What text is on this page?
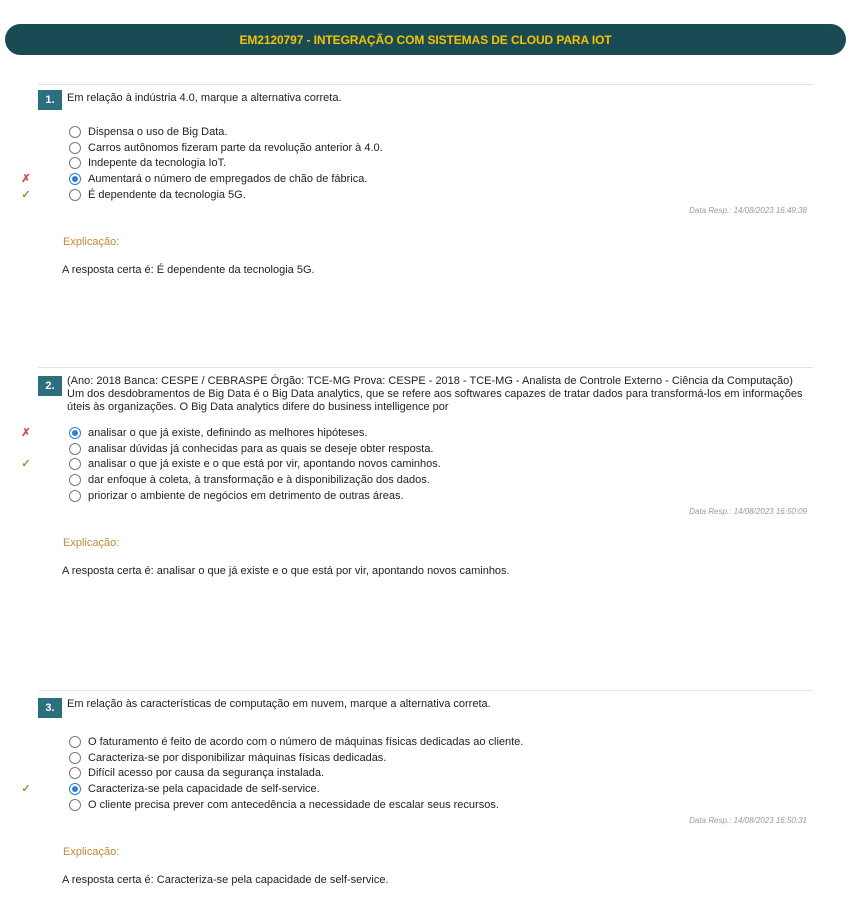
EM2120797 - INTEGRAÇÃO COM SISTEMAS DE CLOUD PARA IOT
1.	Em relação à indústria 4.0, marque a alternativa correta.
Dispensa o uso de Big Data.
Carros autônomos fizeram parte da revolução anterior à 4.0.
Indepente da tecnologia IoT.
✗	Aumentará o número de empregados de chão de fábrica.
✓	É dependente da tecnologia 5G.
Data Resp.: 14/08/2023 16:49:38
Explicação:
A resposta certa é: É dependente da tecnologia 5G.
2.	(Ano: 2018 Banca: CESPE / CEBRASPE Órgão: TCE-MG Prova: CESPE - 2018 - TCE-MG - Analista de Controle Externo - Ciência da Computação) Um dos desdobramentos de Big Data é o Big Data analytics, que se refere aos softwares capazes de tratar dados para transformá-los em informações úteis às organizações. O Big Data analytics difere do business intelligence por
✗	analisar o que já existe, definindo as melhores hipóteses.
analisar dúvidas já conhecidas para as quais se deseje obter resposta.
✓	analisar o que já existe e o que está por vir, apontando novos caminhos.
dar enfoque à coleta, à transformação e à disponibilização dos dados.
priorizar o ambiente de negócios em detrimento de outras áreas.
Data Resp.: 14/08/2023 16:50:09
Explicação:
A resposta certa é: analisar o que já existe e o que está por vir, apontando novos caminhos.
3.	Em relação às características de computação em nuvem, marque a alternativa correta.
O faturamento é feito de acordo com o número de máquinas físicas dedicadas ao cliente.
Caracteriza-se por disponibilizar máquinas físicas dedicadas.
Difícil acesso por causa da segurança instalada.
✓	Caracteriza-se pela capacidade de self-service.
O cliente precisa prever com antecedência a necessidade de escalar seus recursos.
Data Resp.: 14/08/2023 16:50:31
Explicação:
A resposta certa é: Caracteriza-se pela capacidade de self-service.
